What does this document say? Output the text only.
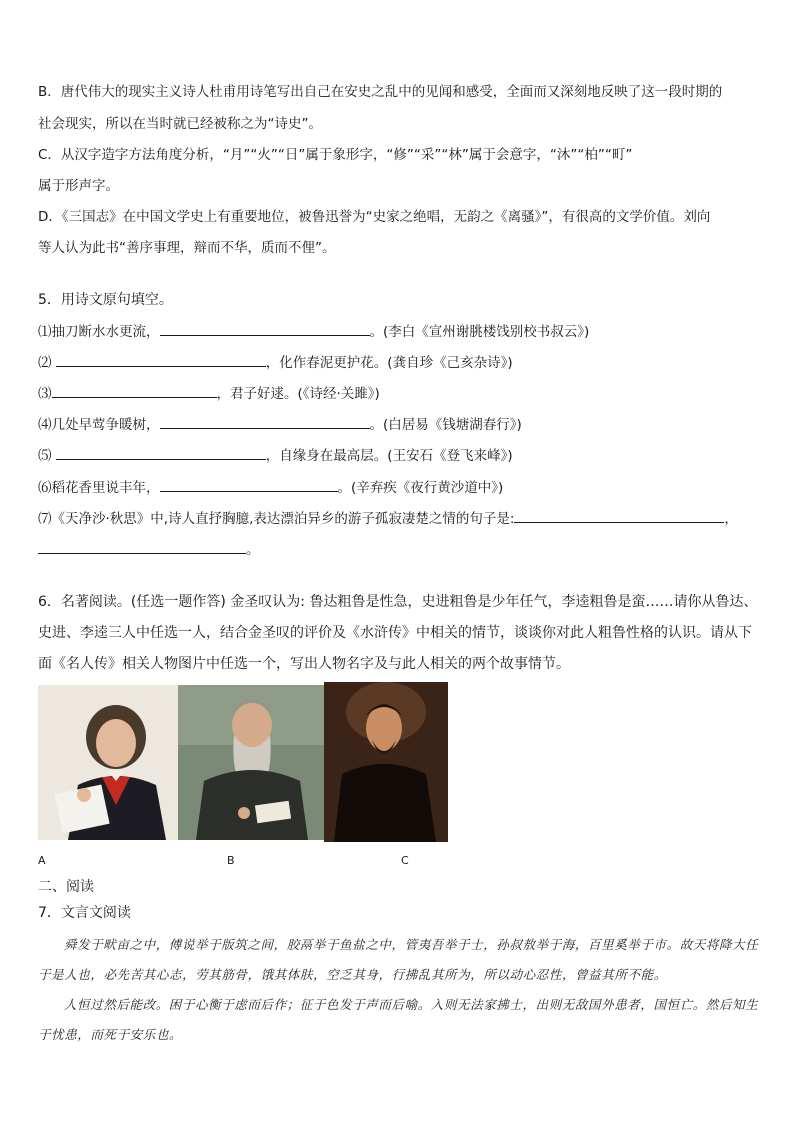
B．唐代伟大的现实主义诗人杜甫用诗笔写出自己在安史之乱中的见闻和感受，全面而又深刻地反映了这一段时期的
社会现实，所以在当时就已经被称之为“诗史”。
C．从汉字造字方法角度分析，“月”“火”“日”属于象形字，“修”“采”“林”属于会意字，“沐”“柏”“町”
属于形声字。
D．《三国志》在中国文学史上有重要地位，被鲁迅誉为“史家之绝唱，无韵之《离骚》”，有很高的文学价值。刘向
等人认为此书“善序事理，辩而不华，质而不俚”。
5．用诗文原句填空。
⑴抽刀断水水更流，	。(李白《宣州谢朓楼饯别校书叔云》)
⑵	，化作春泥更护花。(龚自珍《己亥杂诗》)
⑶	，君子好逑。(《诗经·关雎》)
⑷几处早莺争暖树，	。(白居易《钱塘湖春行》)
⑸	，自缘身在最高层。(王安石《登飞来峰》)
⑹稻花香里说丰年，	。(辛弃疾《夜行黄沙道中》)
⑺《天净沙·秋思》中,诗人直抒胸臆,表达漂泊异乡的游子孤寂凄楚之情的句子是:	，
。
6．名著阅读。(任选一题作答) 金圣叹认为: 鲁达粗鲁是性急，史进粗鲁是少年任气，李逵粗鲁是蛮……请你从鲁达、
史进、李逵三人中任选一人，结合金圣叹的评价及《水浒传》中相关的情节，谈谈你对此人粗鲁性格的认识。请从下
面《名人传》相关人物图片中任选一个，写出人物名字及与此人相关的两个故事情节。
A	B	C
二、阅读
7．文言文阅读
舜发于畎亩之中，傅说举于版筑之间，胶鬲举于鱼盐之中，管夷吾举于士，孙叔敖举于海，百里奚举于市。故天将降大任于是人也，必先苦其心志，劳其筋骨，饿其体肤，空乏其身，行拂乱其所为，所以动心忍性，曾益其所不能。
人恒过然后能改。困于心衡于虑而后作；征于色发于声而后喻。入则无法家拂士，出则无敌国外患者，国恒亡。然后知生于忧患，而死于安乐也。
